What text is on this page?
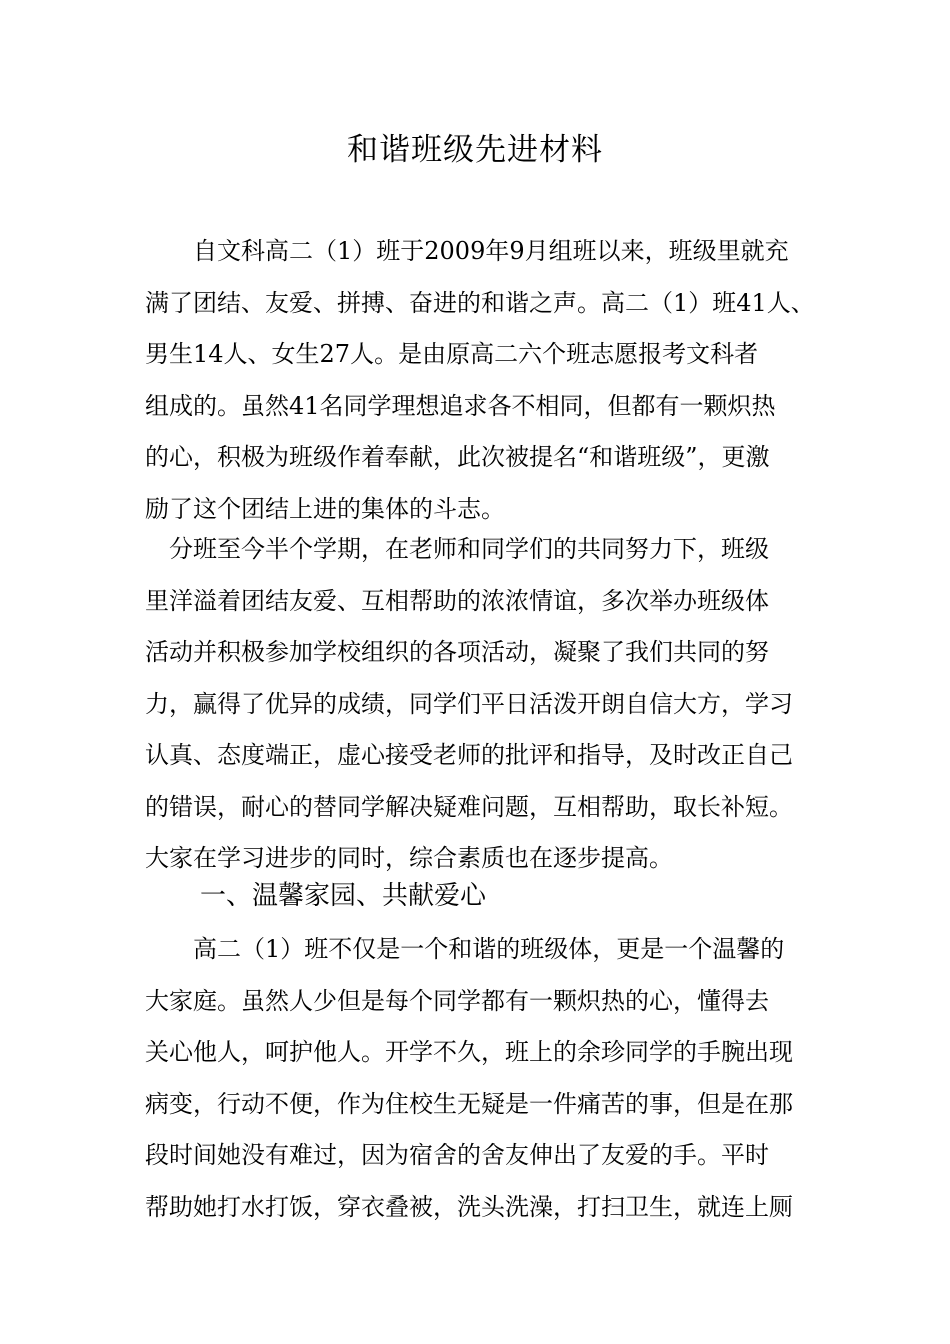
和谐班级先进材料
　　自文科高二（1）班于2009年9月组班以来，班级里就充
满了团结、友爱、拼搏、奋进的和谐之声。高二（1）班41人、
男生14人、女生27人。是由原高二六个班志愿报考文科者
组成的。虽然41名同学理想追求各不相同，但都有一颗炽热
的心，积极为班级作着奉献，此次被提名“和谐班级”，更激
励了这个团结上进的集体的斗志。
　分班至今半个学期，在老师和同学们的共同努力下，班级
里洋溢着团结友爱、互相帮助的浓浓情谊，多次举办班级体
活动并积极参加学校组织的各项活动，凝聚了我们共同的努
力，赢得了优异的成绩，同学们平日活泼开朗自信大方，学习
认真、态度端正，虚心接受老师的批评和指导，及时改正自己
的错误，耐心的替同学解决疑难问题，互相帮助，取长补短。
大家在学习进步的同时，综合素质也在逐步提高。
一、温馨家园、共献爱心
　　高二（1）班不仅是一个和谐的班级体，更是一个温馨的
大家庭。虽然人少但是每个同学都有一颗炽热的心，懂得去
关心他人，呵护他人。开学不久，班上的余珍同学的手腕出现
病变，行动不便，作为住校生无疑是一件痛苦的事，但是在那
段时间她没有难过，因为宿舍的舍友伸出了友爱的手。平时
帮助她打水打饭，穿衣叠被，洗头洗澡，打扫卫生，就连上厕
